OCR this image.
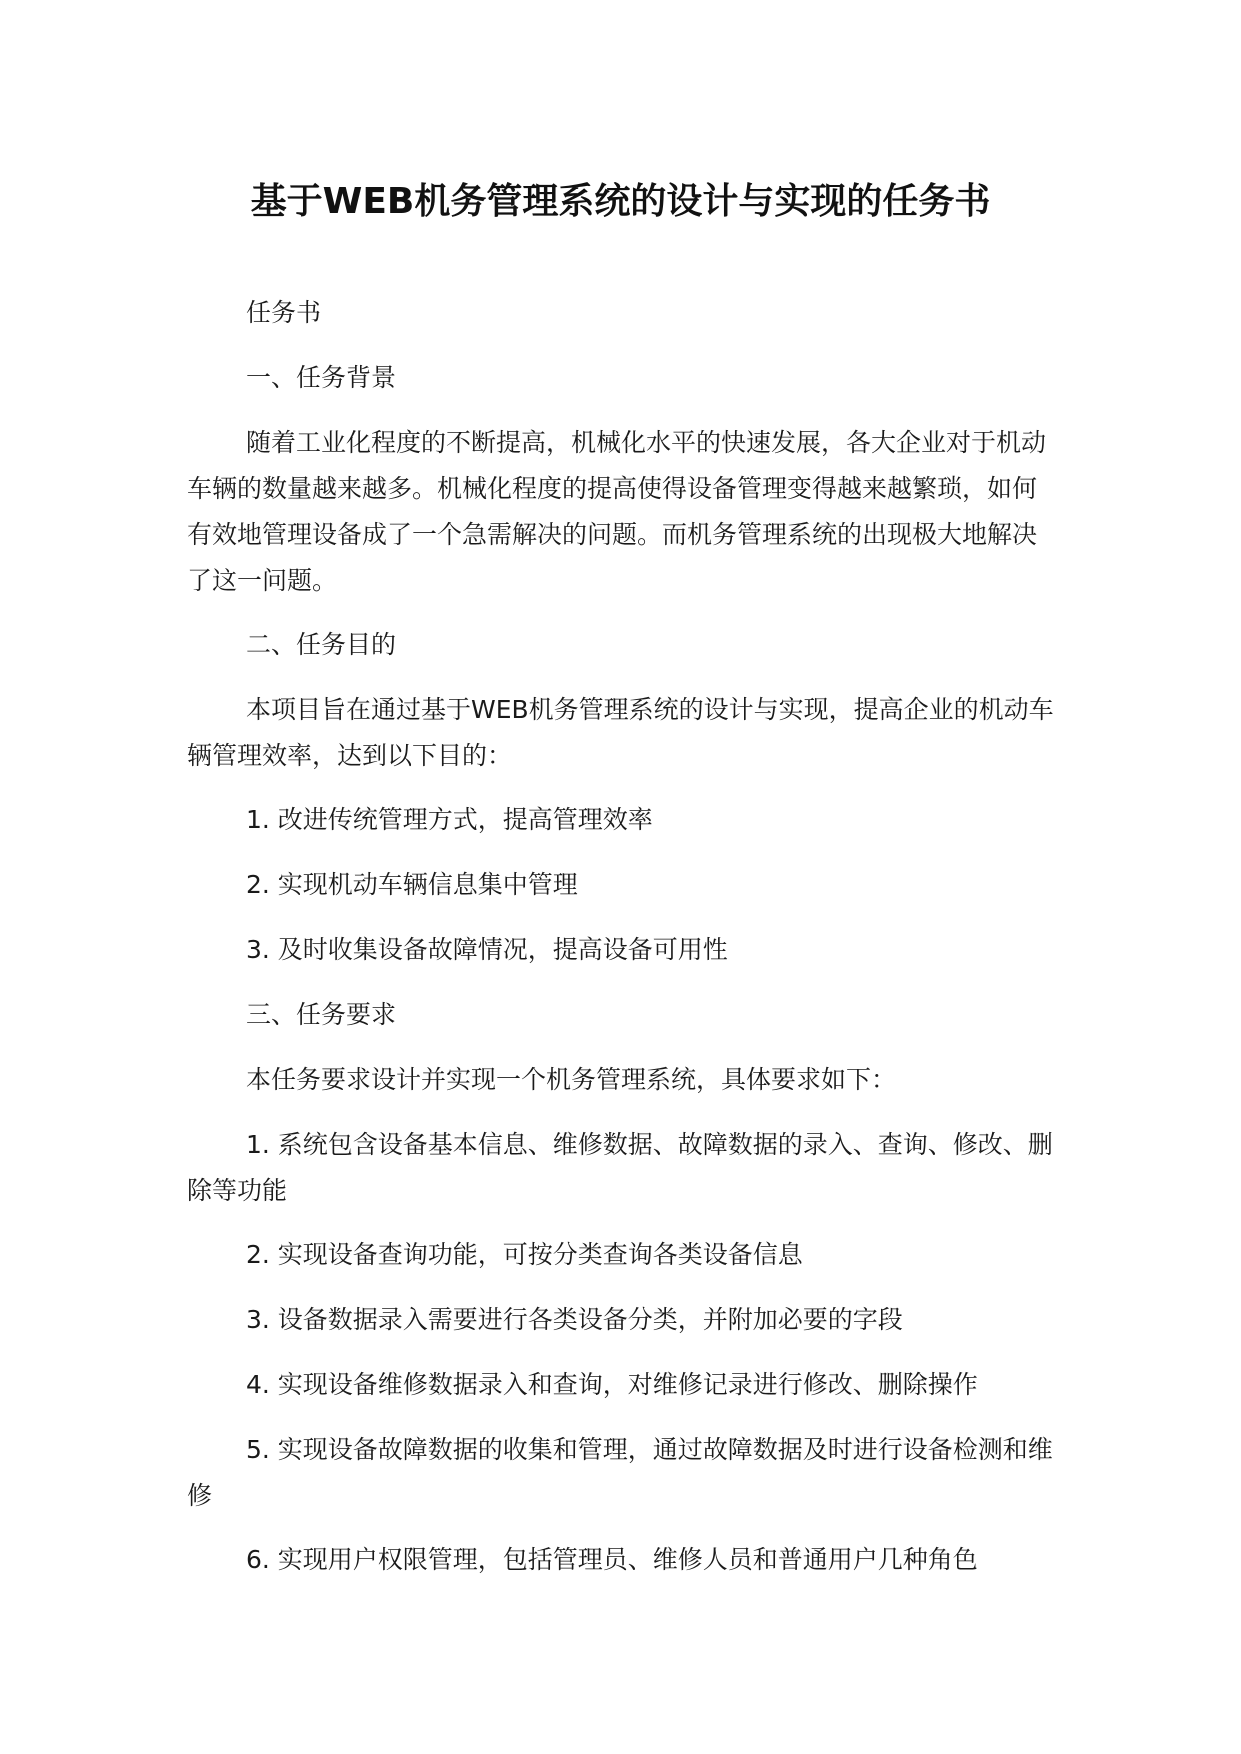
基于WEB机务管理系统的设计与实现的任务书

任务书

一、任务背景

随着工业化程度的不断提高，机械化水平的快速发展，各大企业对于机动车辆的数量越来越多。机械化程度的提高使得设备管理变得越来越繁琐，如何有效地管理设备成了一个急需解决的问题。而机务管理系统的出现极大地解决了这一问题。

二、任务目的

本项目旨在通过基于WEB机务管理系统的设计与实现，提高企业的机动车辆管理效率，达到以下目的：

1. 改进传统管理方式，提高管理效率

2. 实现机动车辆信息集中管理

3. 及时收集设备故障情况，提高设备可用性

三、任务要求

本任务要求设计并实现一个机务管理系统，具体要求如下：

1. 系统包含设备基本信息、维修数据、故障数据的录入、查询、修改、删除等功能

2. 实现设备查询功能，可按分类查询各类设备信息

3. 设备数据录入需要进行各类设备分类，并附加必要的字段

4. 实现设备维修数据录入和查询，对维修记录进行修改、删除操作

5. 实现设备故障数据的收集和管理，通过故障数据及时进行设备检测和维修

6. 实现用户权限管理，包括管理员、维修人员和普通用户几种角色
